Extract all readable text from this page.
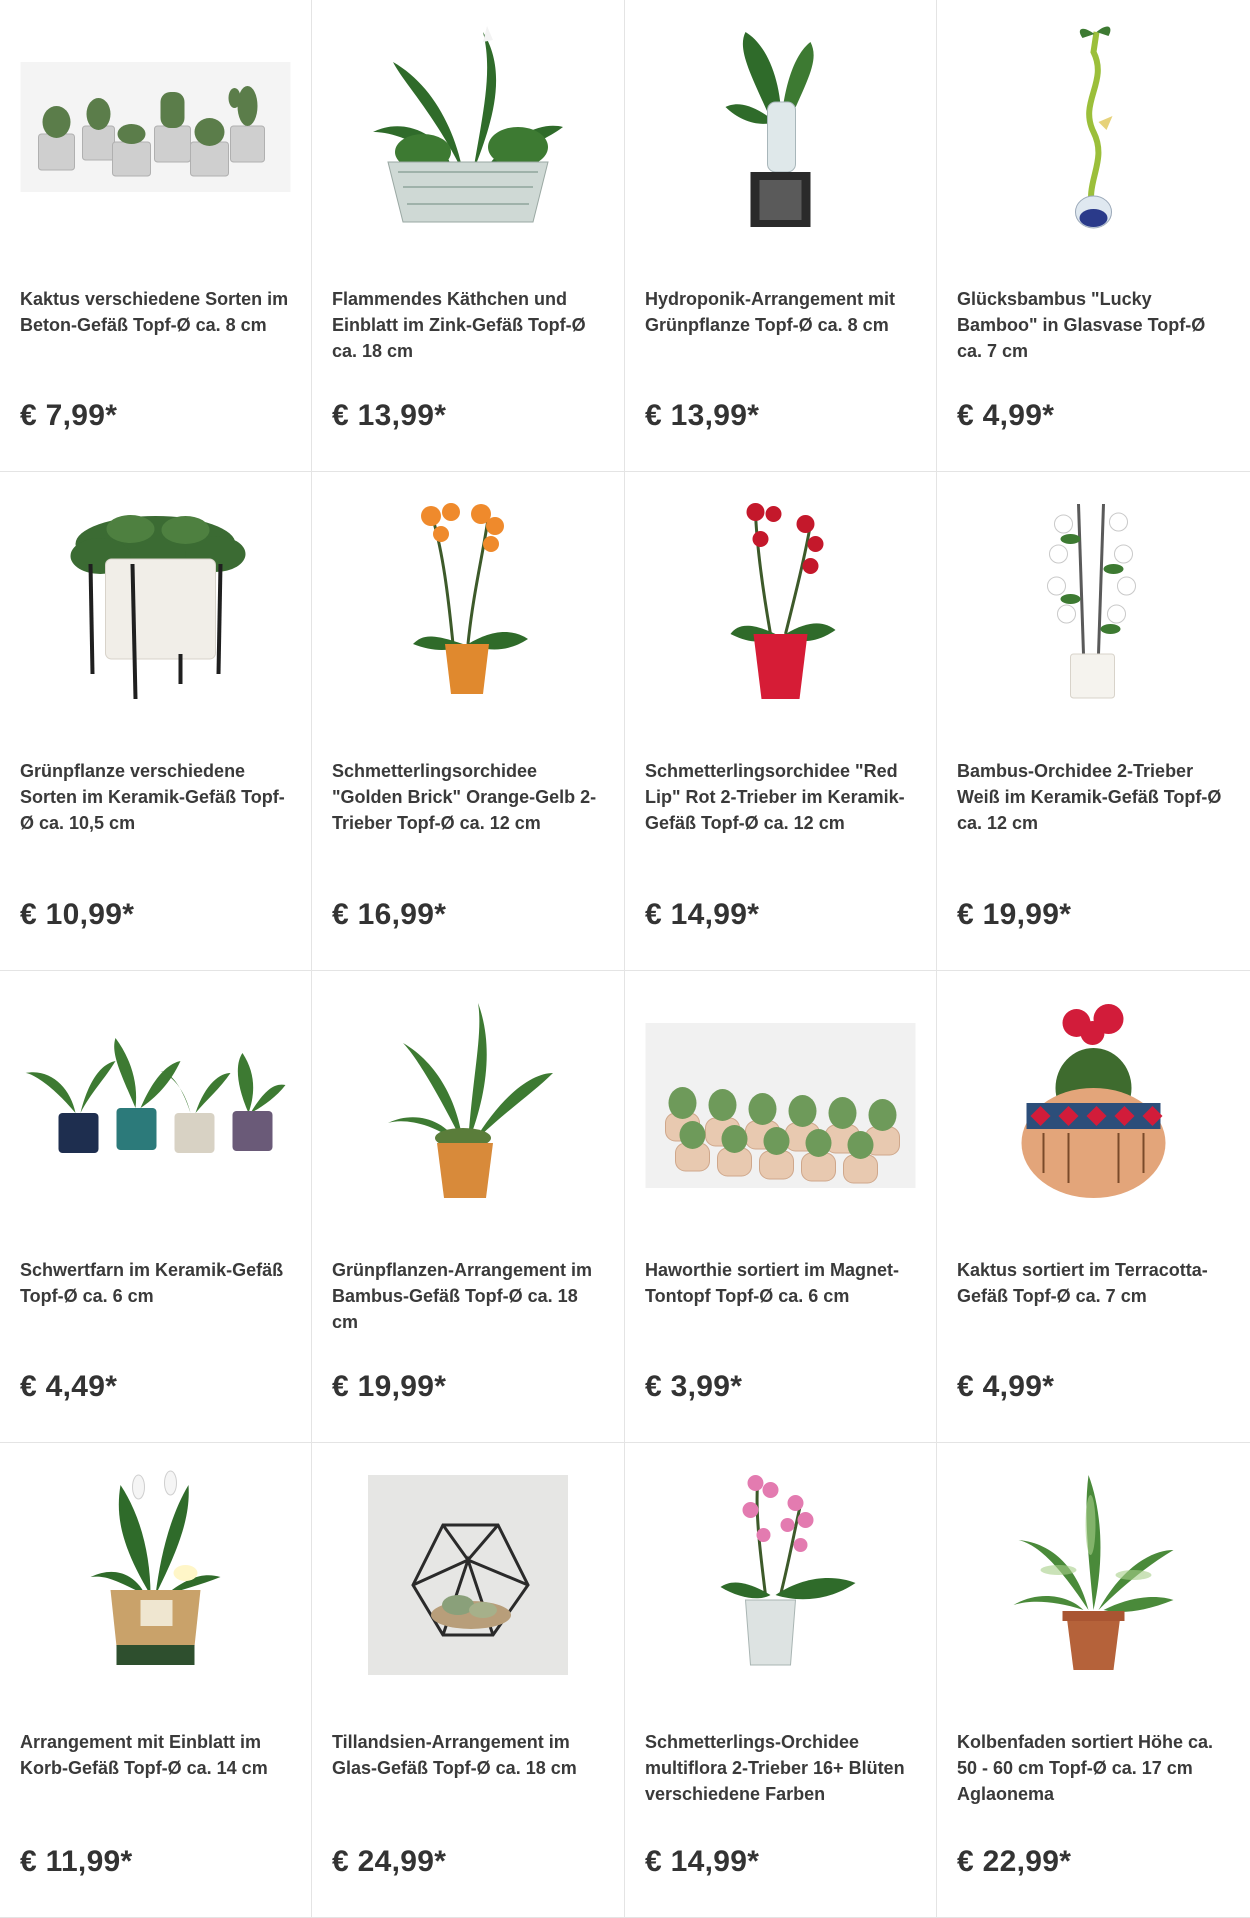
Kaktus verschiedene Sorten im Beton-Gefäß Topf-Ø ca. 8 cm
€ 7,99*
Flammendes Käthchen und Einblatt im Zink-Gefäß Topf-Ø ca. 18 cm
€ 13,99*
Hydroponik-Arrangement mit Grünpflanze Topf-Ø ca. 8 cm
€ 13,99*
Glücksbambus "Lucky Bamboo" in Glasvase Topf-Ø ca. 7 cm
€ 4,99*
Grünpflanze verschiedene Sorten im Keramik-Gefäß Topf-Ø ca. 10,5 cm
€ 10,99*
Schmetterlingsorchidee "Golden Brick" Orange-Gelb 2-Trieber Topf-Ø ca. 12 cm
€ 16,99*
Schmetterlingsorchidee "Red Lip" Rot 2-Trieber im Keramik-Gefäß Topf-Ø ca. 12 cm
€ 14,99*
Bambus-Orchidee 2-Trieber Weiß im Keramik-Gefäß Topf-Ø ca. 12 cm
€ 19,99*
Schwertfarn im Keramik-Gefäß Topf-Ø ca. 6 cm
€ 4,49*
Grünpflanzen-Arrangement im Bambus-Gefäß Topf-Ø ca. 18 cm
€ 19,99*
Haworthie sortiert im Magnet-Tontopf Topf-Ø ca. 6 cm
€ 3,99*
Kaktus sortiert im Terracotta-Gefäß Topf-Ø ca. 7 cm
€ 4,99*
Arrangement mit Einblatt im Korb-Gefäß Topf-Ø ca. 14 cm
€ 11,99*
Tillandsien-Arrangement im Glas-Gefäß Topf-Ø ca. 18 cm
€ 24,99*
Schmetterlings-Orchidee multiflora 2-Trieber 16+ Blüten verschiedene Farben
€ 14,99*
Kolbenfaden sortiert Höhe ca. 50 - 60 cm Topf-Ø ca. 17 cm Aglaonema
€ 22,99*
